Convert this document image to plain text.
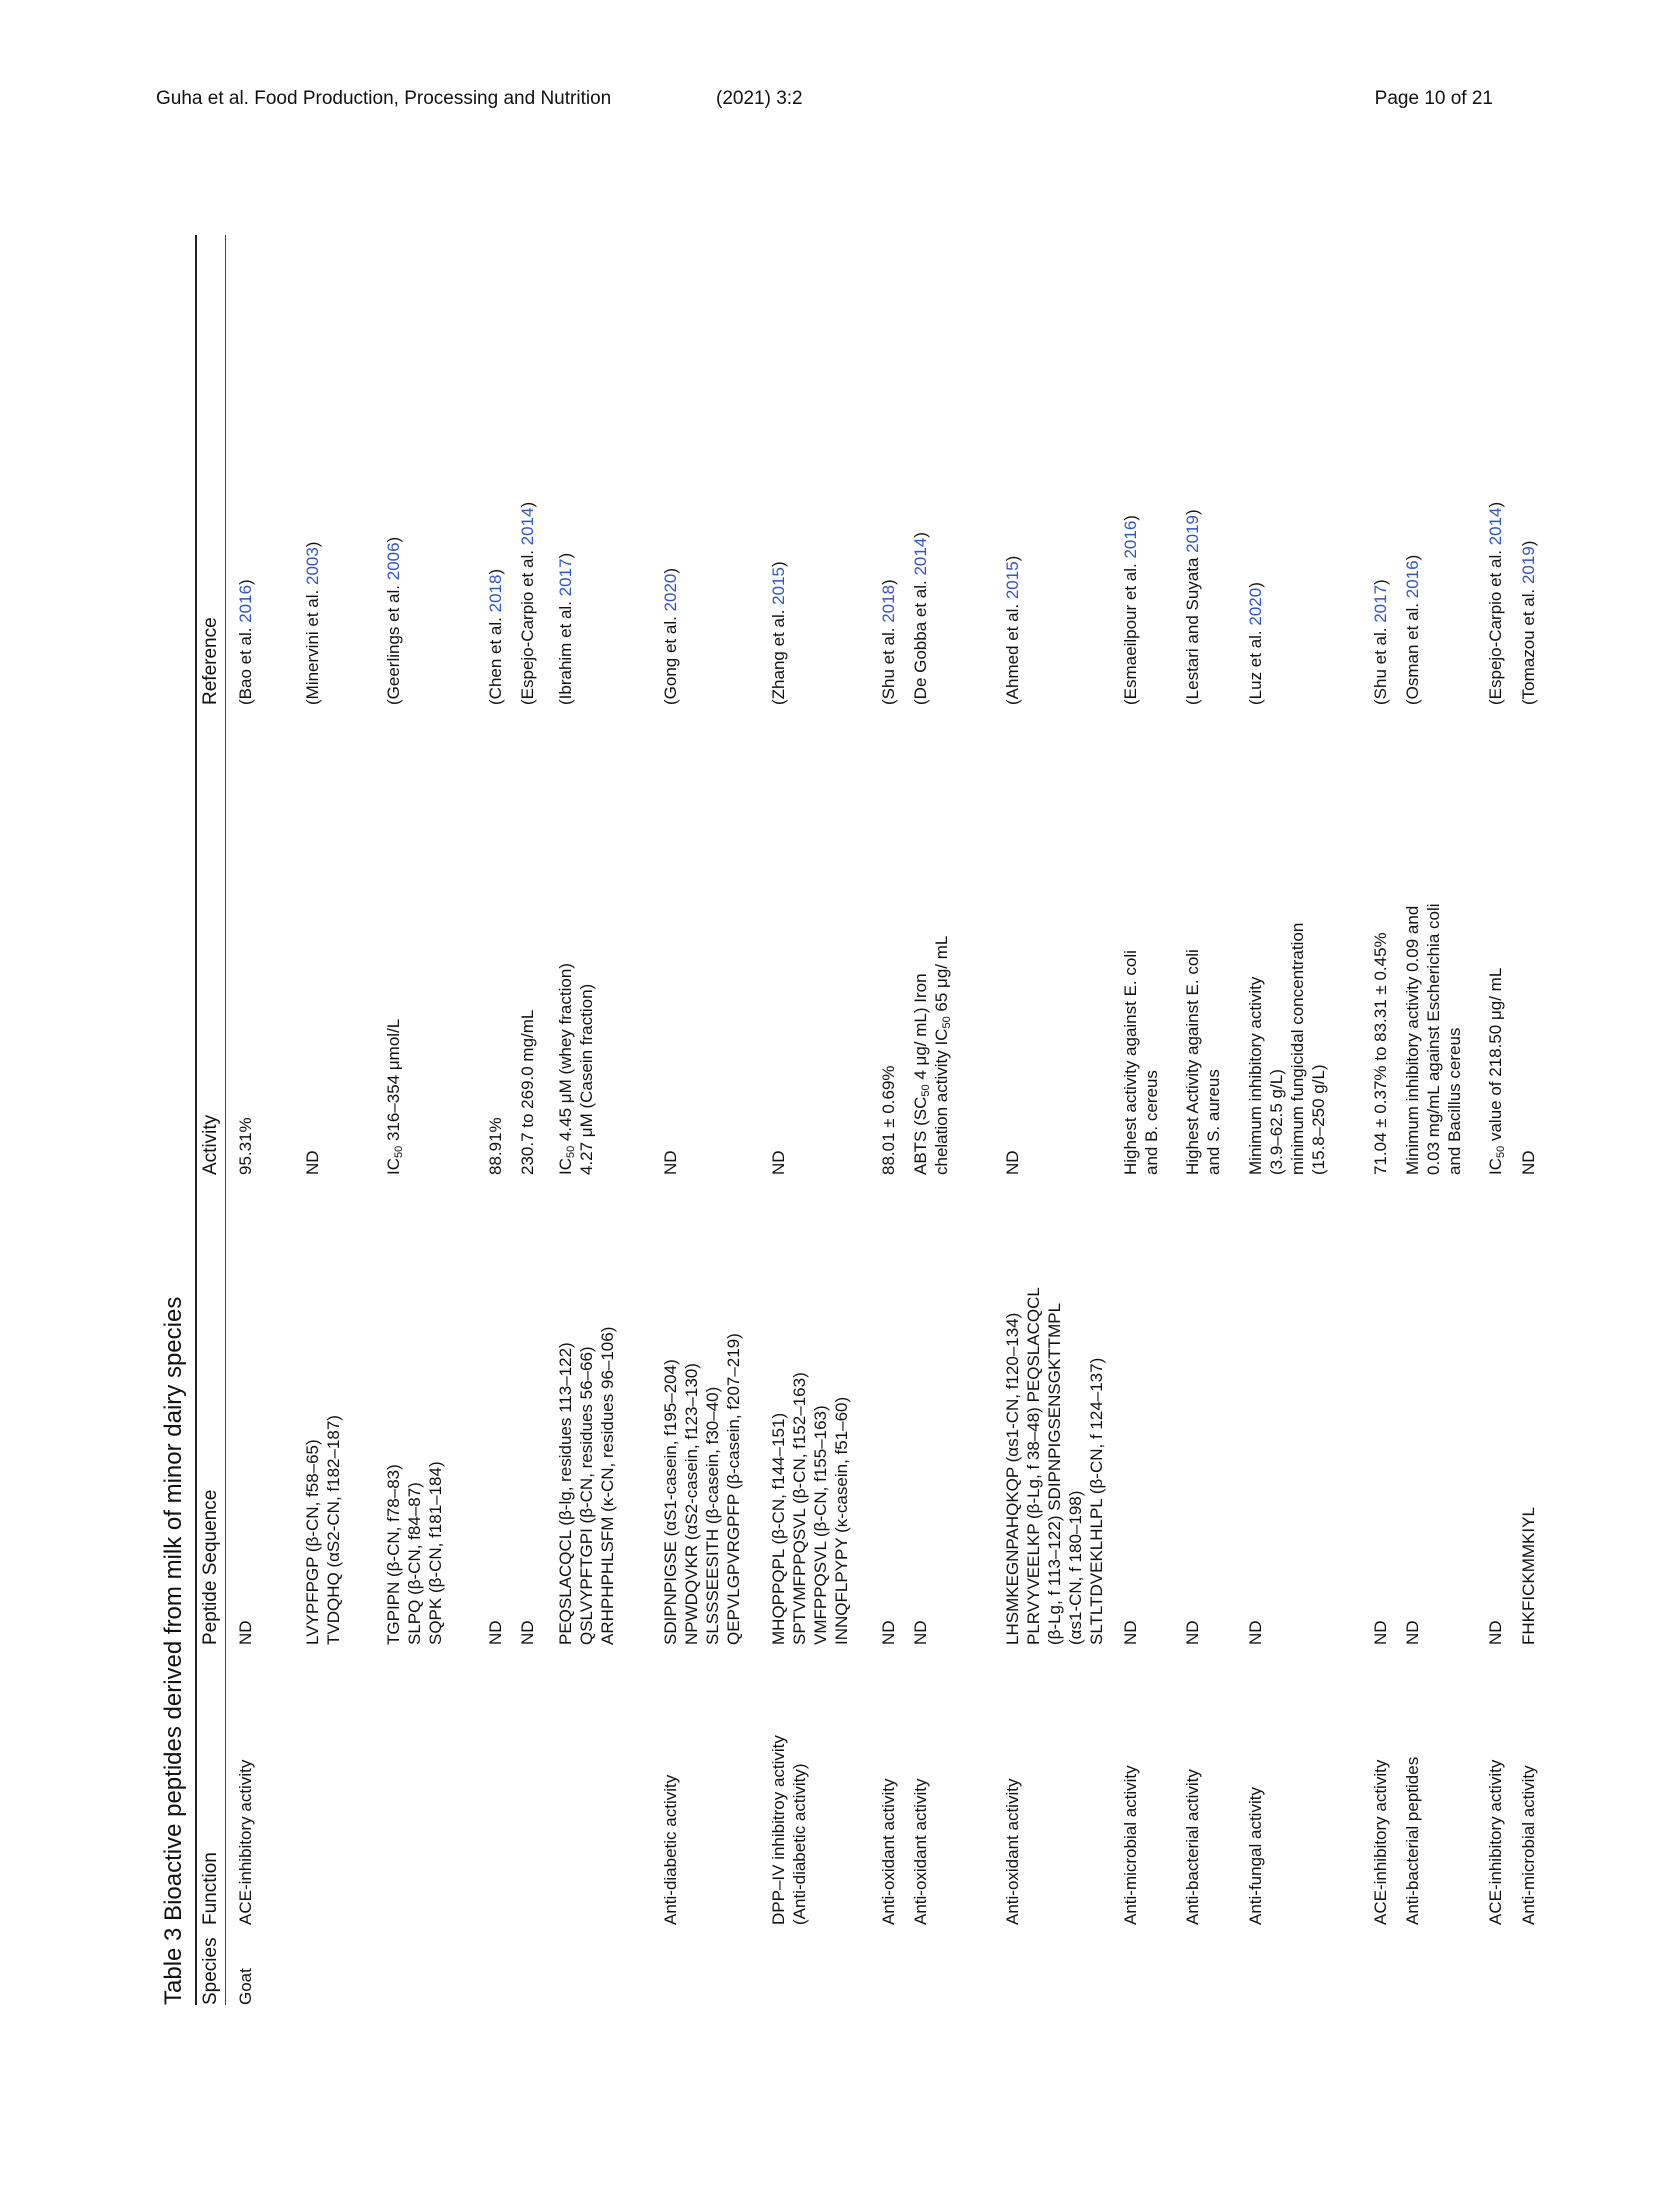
Guha et al. Food Production, Processing and Nutrition	(2021) 3:2	Page 10 of 21
Table 3 Bioactive peptides derived from milk of minor dairy species Species
Function
Peptide Sequence
Activity
Reference
Goat
ACE-inhibitory activity
ND
95.31%
(Bao et al. 2016)
LVYPFPGP (β-CN, f58–65) TVDQHQ (αS2-CN, f182–187)
ND
(Minervini et al. 2003)
TGPIPN (β-CN, f78–83) SLPQ (β-CN, f84–87) SQPK (β-CN, f181–184)
$IC_{50}$ 316–354 μmol/L
(Geerlings et al. 2006)
ND
88.91%
(Chen et al. 2018)
ND
230.7 to 269.0 mg/mL
(Espejo-Carpio et al. 2014)
PEQSLACQCL (β-lg, residues 113–122) QSLVYPFTGPI (β-CN, residues 56–66) ARHPHPHLSFM (κ-CN, residues 96–106)
$IC_{50}$ 4.45 μM (whey fraction) 4.27 μM (Casein fraction)
(Ibrahim et al. 2017)
Anti-diabetic activity
SDIPNPIGSE (αS1-casein, f195–204) NPWDQVKR (αS2-casein, f123–130) SLSSSEESITH (β-casein, f30–40) QEPVLGPVRGPFP (β-casein, f207–219)
ND
(Gong et al. 2020)
DPP–IV inhibitroy activity (Anti-diabetic activity)
MHQPPQPL (β-CN, f144–151) SPTVMFPPQSVL (β-CN, f152–163) VMFPPQSVL (β-CN, f155–163) INNQFLPYPY (κ-casein, f51–60)
ND
(Zhang et al. 2015)
Anti-oxidant activity
ND
88.01 ± 0.69%
(Shu et al. 2018)
Anti-oxidant activity
ND
ABTS ($SC_{50}$ 4 μg/ mL) Iron chelation activity $IC_{50}$ 65 μg/ mL
(De Gobba et al. 2014)
Anti-oxidant activity
LHSMKEGNPAHQKQP (αs1-CN, f120–134) PLRVYVEELKP (β-Lg, f 38–48) PEQSLACQCL (β-Lg, f 113–122) SDIPNPIGSENSGKTTMPL (αs1-CN, f 180–198) SLTLTDVEKLHLPL (β-CN, f 124–137)
ND
(Ahmed et al. 2015)
Anti-microbial activity
ND
Highest activity against E. coli and B. cereus
(Esmaeilpour et al. 2016)
Anti-bacterial activity
ND
Highest Activity against E. coli and S. aureus
(Lestari and Suyata 2019)
Anti-fungal activity
ND
Minimum inhibitory activity (3.9–62.5 g/L) minimum fungicidal concentration (15.8–250 g/L)
(Luz et al. 2020)
ACE-inhibitory activity
ND
71.04 ± 0.37% to 83.31 ± 0.45%
(Shu et al. 2017)
Anti-bacterial peptides
ND
Minimum inhibitory activity 0.09 and 0.03 mg/mL against Escherichia coli and Bacillus cereus
(Osman et al. 2016)
ACE-inhibitory activity
ND
$IC_{50}$ value of 218.50 μg/ mL
(Espejo-Carpio et al. 2014)
Anti-microbial activity
FHKFICKMMKIYL
ND
(Tomazou et al. 2019)
